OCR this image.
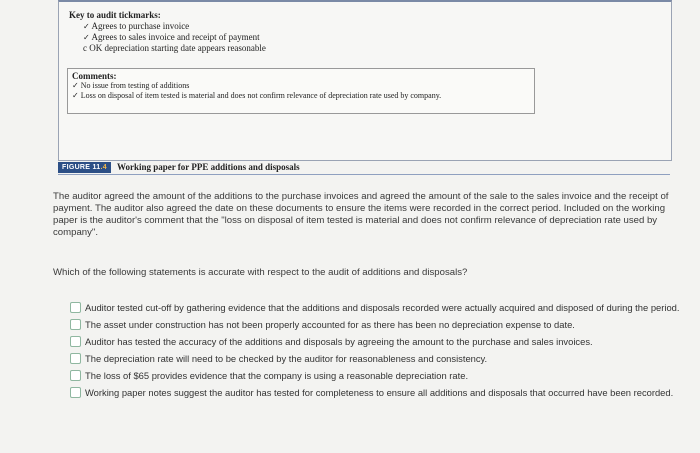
Key to audit tickmarks:
✓ Agrees to purchase invoice
✓ Agrees to sales invoice and receipt of payment
c OK depreciation starting date appears reasonable
Comments:
✓ No issue from testing of additions
✓ Loss on disposal of item tested is material and does not confirm relevance of depreciation rate used by company.
FIGURE 11.4	Working paper for PPE additions and disposals
The auditor agreed the amount of the additions to the purchase invoices and agreed the amount of the sale to the sales invoice and the receipt of payment. The auditor also agreed the date on these documents to ensure the items were recorded in the correct period. Included on the working paper is the auditor's comment that the "loss on disposal of item tested is material and does not confirm relevance of depreciation rate used by company".
Which of the following statements is accurate with respect to the audit of additions and disposals?
Auditor tested cut-off by gathering evidence that the additions and disposals recorded were actually acquired and disposed of during the period.
The asset under construction has not been properly accounted for as there has been no depreciation expense to date.
Auditor has tested the accuracy of the additions and disposals by agreeing the amount to the purchase and sales invoices.
The depreciation rate will need to be checked by the auditor for reasonableness and consistency.
The loss of $65 provides evidence that the company is using a reasonable depreciation rate.
Working paper notes suggest the auditor has tested for completeness to ensure all additions and disposals that occurred have been recorded.
